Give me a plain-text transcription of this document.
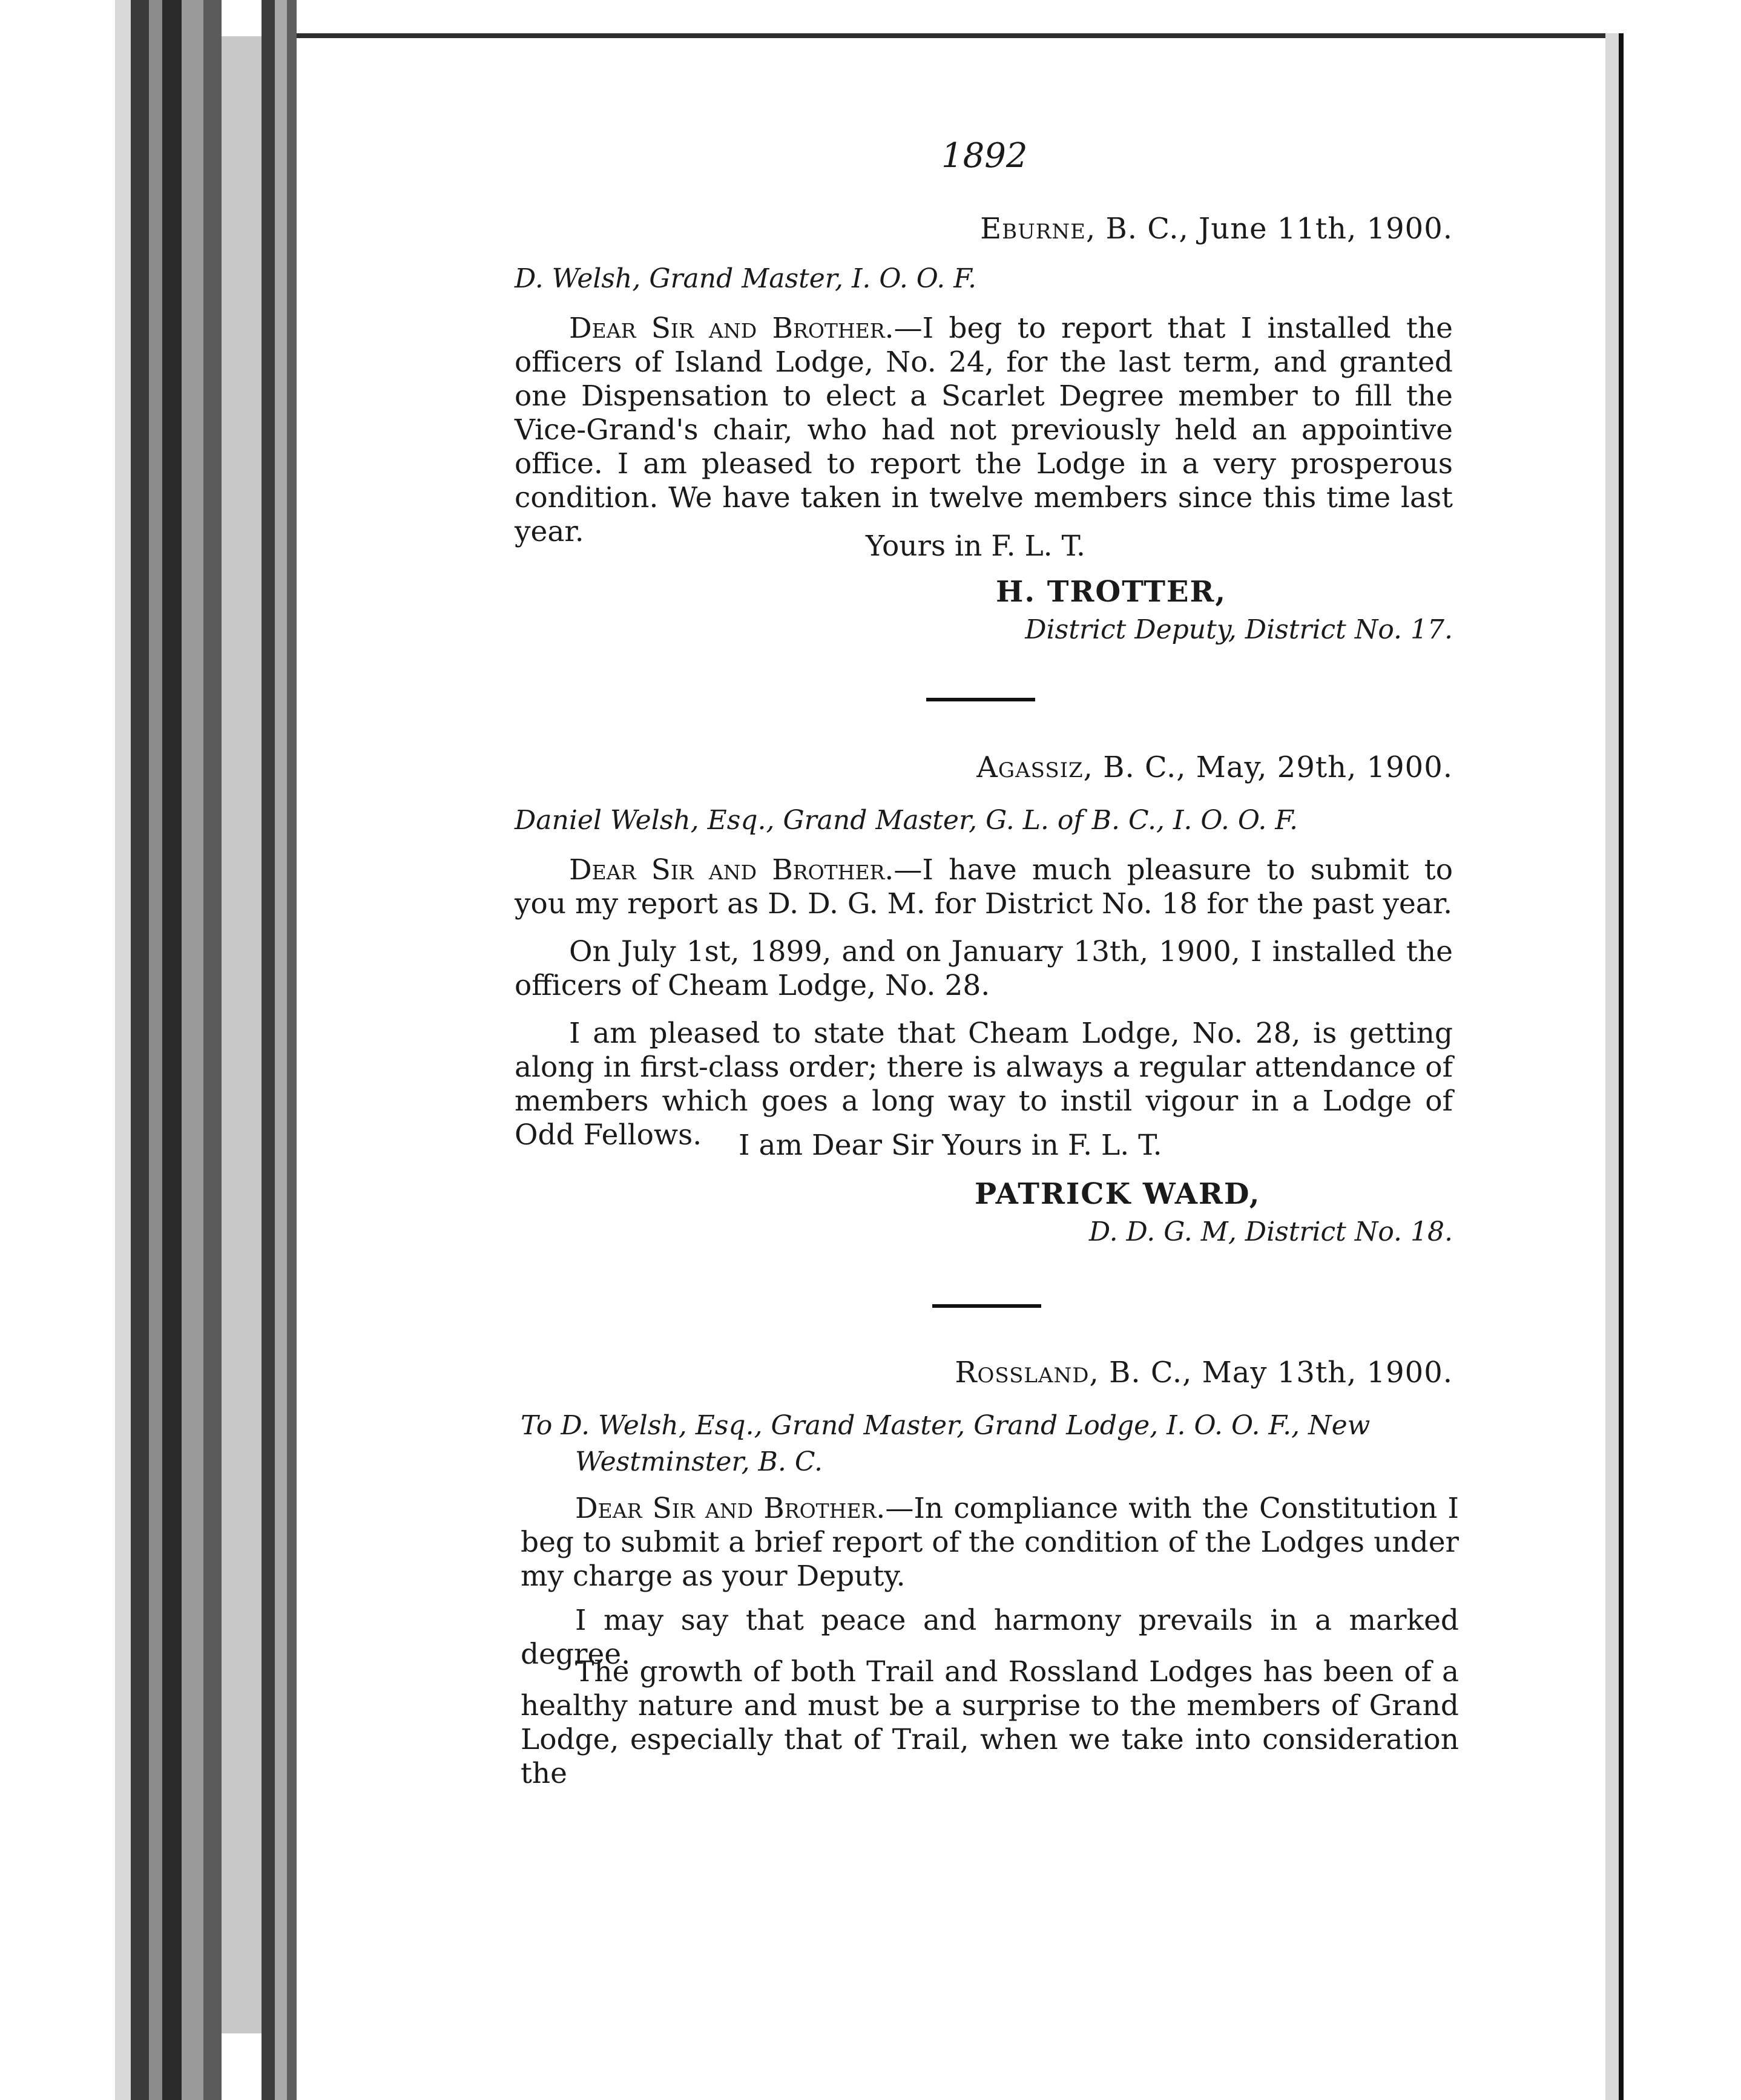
1892
Eburne, B. C., June 11th, 1900.
D. Welsh, Grand Master, I. O. O. F.
Dear Sir and Brother.—I beg to report that I installed the officers of Island Lodge, No. 24, for the last term, and granted one Dispensation to elect a Scarlet Degree member to fill the Vice-Grand's chair, who had not previously held an appointive office. I am pleased to report the Lodge in a very prosperous condition. We have taken in twelve members since this time last year.	Yours in F. L. T.
H. TROTTER,
District Deputy, District No. 17.
Agassiz, B. C., May, 29th, 1900.
Daniel Welsh, Esq., Grand Master, G. L. of B. C., I. O. O. F.
Dear Sir and Brother.—I have much pleasure to submit to you my report as D. D. G. M. for District No. 18 for the past year.
On July 1st, 1899, and on January 13th, 1900, I installed the officers of Cheam Lodge, No. 28.
I am pleased to state that Cheam Lodge, No. 28, is getting along in first-class order; there is always a regular attendance of members which goes a long way to instil vigour in a Lodge of Odd Fellows.	I am Dear Sir Yours in F. L. T.
PATRICK WARD,
D. D. G. M, District No. 18.
Rossland, B. C., May 13th, 1900.
To D. Welsh, Esq., Grand Master, Grand Lodge, I. O. O. F., New
Westminster, B. C.
Dear Sir and Brother.—In compliance with the Constitution I beg to submit a brief report of the condition of the Lodges under my charge as your Deputy.
I may say that peace and harmony prevails in a marked degree.
The growth of both Trail and Rossland Lodges has been of a healthy nature and must be a surprise to the members of Grand Lodge, especially that of Trail, when we take into consideration the
